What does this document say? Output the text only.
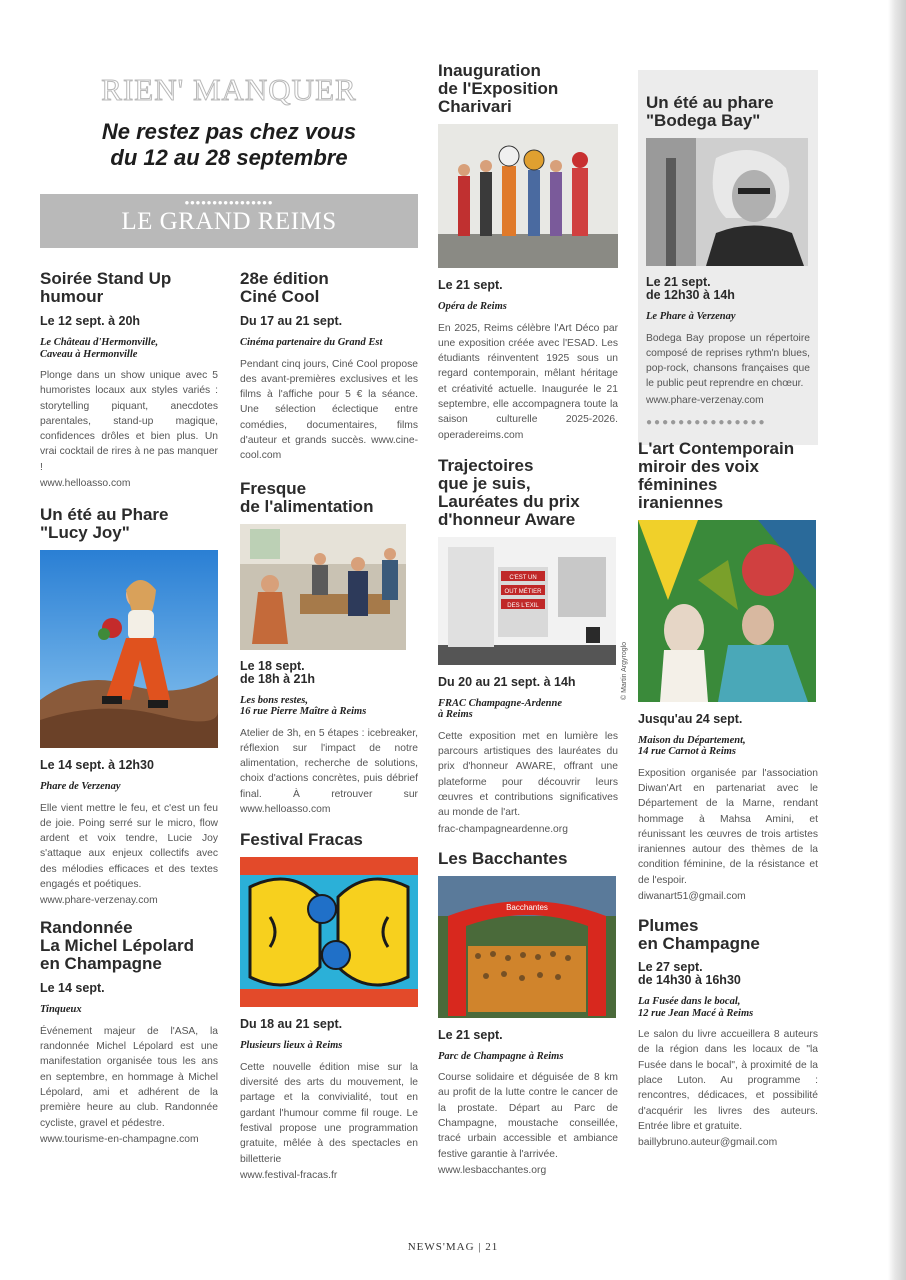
RIEN' MANQUER
Ne restez pas chez vous
du 12 au 28 septembre
••••••••••••••••
LE GRAND REIMS
Soirée Stand Up
humour
Le 12 sept. à 20h
Le Château d'Hermonville,
Caveau à Hermonville
Plonge dans un show unique avec 5 humoristes locaux aux styles variés : storytelling piquant, anecdotes parentales, stand-up magique, confidences drôles et bien plus. Un vrai cocktail de rires à ne pas manquer !
www.helloasso.com
Un été au Phare
"Lucy Joy"
Le 14 sept. à 12h30
Phare de Verzenay
Elle vient mettre le feu, et c'est un feu de joie. Poing serré sur le micro, flow ardent et voix tendre, Lucie Joy s'attaque aux enjeux collectifs avec des mélodies efficaces et des textes engagés et poétiques.
www.phare-verzenay.com
Randonnée
La Michel Lépolard
en Champagne
Le 14 sept.
Tinqueux
Événement majeur de l'ASA, la randonnée Michel Lépolard est une manifestation organisée tous les ans en septembre, en hommage à Michel Lépolard, ami et adhérent de la première heure au club. Randonnée cycliste, gravel et pédestre.
www.tourisme-en-champagne.com
28e édition
Ciné Cool
Du 17 au 21 sept.
Cinéma partenaire du Grand Est
Pendant cinq jours, Ciné Cool propose des avant-premières exclusives et les films à l'affiche pour 5 € la séance. Une sélection éclectique entre comédies, documentaires, films d'auteur et grands succès. www.cine-cool.com
Fresque
de l'alimentation
Le 18 sept.
de 18h à 21h
Les bons restes,
16 rue Pierre Maître à Reims
Atelier de 3h, en 5 étapes : icebreaker, réflexion sur l'impact de notre alimentation, recherche de solutions, choix d'actions concrètes, puis débrief final. À retrouver sur www.helloasso.com
Festival Fracas
Du 18 au 21 sept.
Plusieurs lieux à Reims
Cette nouvelle édition mise sur la diversité des arts du mouvement, le partage et la convivialité, tout en gardant l'humour comme fil rouge. Le festival propose une programmation gratuite, mêlée à des spectacles en billetterie
www.festival-fracas.fr
Inauguration
de l'Exposition
Charivari
Le 21 sept.
Opéra de Reims
En 2025, Reims célèbre l'Art Déco par une exposition créée avec l'ESAD. Les étudiants réinventent 1925 sous un regard contemporain, mêlant héritage et créativité actuelle. Inaugurée le 21 septembre, elle accompagnera toute la saison culturelle 2025-2026. operadereims.com
Trajectoires
que je suis,
Lauréates du prix
d'honneur Aware
C'EST UN
OUT MÉTIER
DES L'EXIL
Du 20 au 21 sept. à 14h
FRAC Champagne-Ardenne
à Reims
Cette exposition met en lumière les parcours artistiques des lauréates du prix d'honneur AWARE, offrant une plateforme pour découvrir leurs œuvres et contributions significatives au monde de l'art.
frac-champagneardenne.org
Les Bacchantes
Bacchantes
Le 21 sept.
Parc de Champagne à Reims
Course solidaire et déguisée de 8 km au profit de la lutte contre le cancer de la prostate. Départ au Parc de Champagne, moustache conseillée, tracé urbain accessible et ambiance festive garantie à l'arrivée.
www.lesbacchantes.org
© Martin Argyroglo
Un été au phare
"Bodega Bay"
Le 21 sept.
de 12h30 à 14h
Le Phare à Verzenay
Bodega Bay propose un répertoire composé de reprises rythm'n blues, pop-rock, chansons françaises que le public peut reprendre en chœur.
www.phare-verzenay.com
●●●●●●●●●●●●●●●
L'art Contemporain
miroir des voix
féminines
iraniennes
Jusqu'au 24 sept.
Maison du Département,
14 rue Carnot à Reims
Exposition organisée par l'association Diwan'Art en partenariat avec le Département de la Marne, rendant hommage à Mahsa Amini, et réunissant les œuvres de trois artistes iraniennes autour des thèmes de la condition féminine, de la résistance et de l'espoir.
diwanart51@gmail.com
Plumes
en Champagne
Le 27 sept.
de 14h30 à 16h30
La Fusée dans le bocal,
12 rue Jean Macé à Reims
Le salon du livre accueillera 8 auteurs de la région dans les locaux de "la Fusée dans le bocal", à proximité de la place Luton. Au programme : rencontres, dédicaces, et possibilité d'acquérir les livres des auteurs. Entrée libre et gratuite.
baillybruno.auteur@gmail.com
NEWS'MAG | 21
